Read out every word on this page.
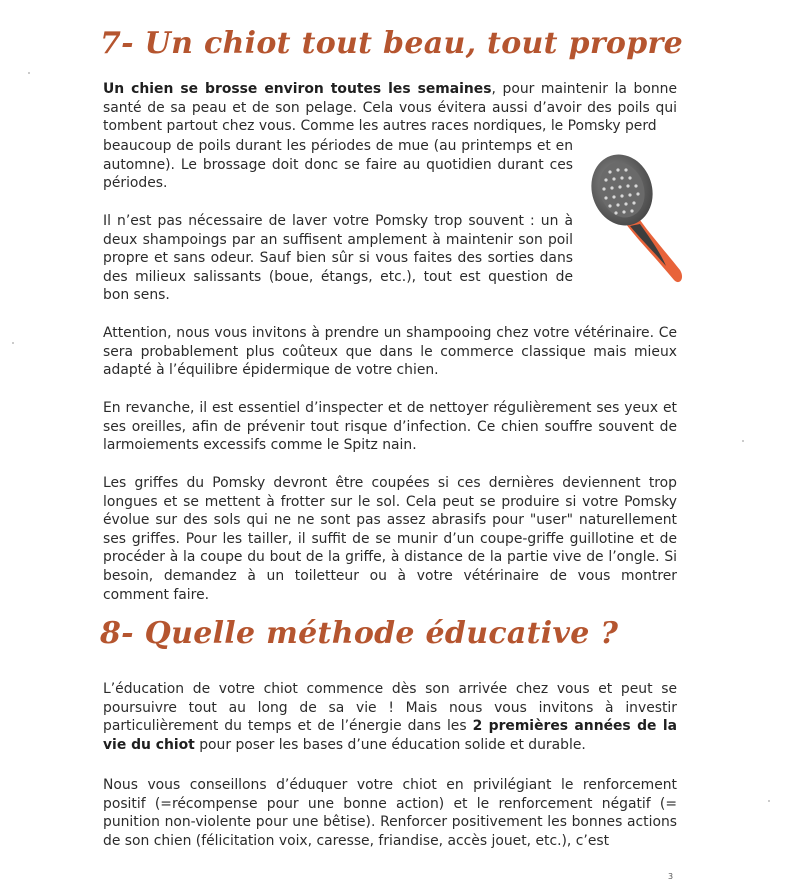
7- Un chiot tout beau, tout propre

Un chien se brosse environ toutes les semaines, pour maintenir la bonne santé de sa peau et de son pelage. Cela vous évitera aussi d’avoir des poils qui tombent partout chez vous. Comme les autres races nordiques, le Pomsky perd

beaucoup de poils durant les périodes de mue (au printemps et en automne). Le brossage doit donc se faire au quotidien durant ces périodes.

Il n’est pas nécessaire de laver votre Pomsky trop souvent : un à deux shampoings par an suffisent amplement à maintenir son poil propre et sans odeur. Sauf bien sûr si vous faites des sorties dans des milieux salissants (boue, étangs, etc.), tout est question de bon sens.

Attention, nous vous invitons à prendre un shampooing chez votre vétérinaire. Ce sera probablement plus coûteux que dans le commerce classique mais mieux adapté à l’équilibre épidermique de votre chien.

En revanche, il est essentiel d’inspecter et de nettoyer régulièrement ses yeux et ses oreilles, afin de prévenir tout risque d’infection. Ce chien souffre souvent de larmoiements excessifs comme le Spitz nain.

Les griffes du Pomsky devront être coupées si ces dernières deviennent trop longues et se mettent à frotter sur le sol. Cela peut se produire si votre Pomsky évolue sur des sols qui ne ne sont pas assez abrasifs pour "user" naturellement ses griffes. Pour les tailler, il suffit de se munir d’un coupe-griffe guillotine et de procéder à la coupe du bout de la griffe, à distance de la partie vive de l’ongle. Si besoin, demandez à un toiletteur ou à votre vétérinaire de vous montrer comment faire.

8- Quelle méthode éducative ?

L’éducation de votre chiot commence dès son arrivée chez vous et peut se poursuivre tout au long de sa vie ! Mais nous vous invitons à investir particulièrement du temps et de l’énergie dans les 2 premières années de la vie du chiot pour poser les bases d’une éducation solide et durable.

Nous vous conseillons d’éduquer votre chiot en privilégiant le renforcement positif (=récompense pour une bonne action) et le renforcement négatif (= punition non-violente pour une bêtise). Renforcer positivement les bonnes actions de son chien (félicitation voix, caresse, friandise, accès jouet, etc.), c’est

3
